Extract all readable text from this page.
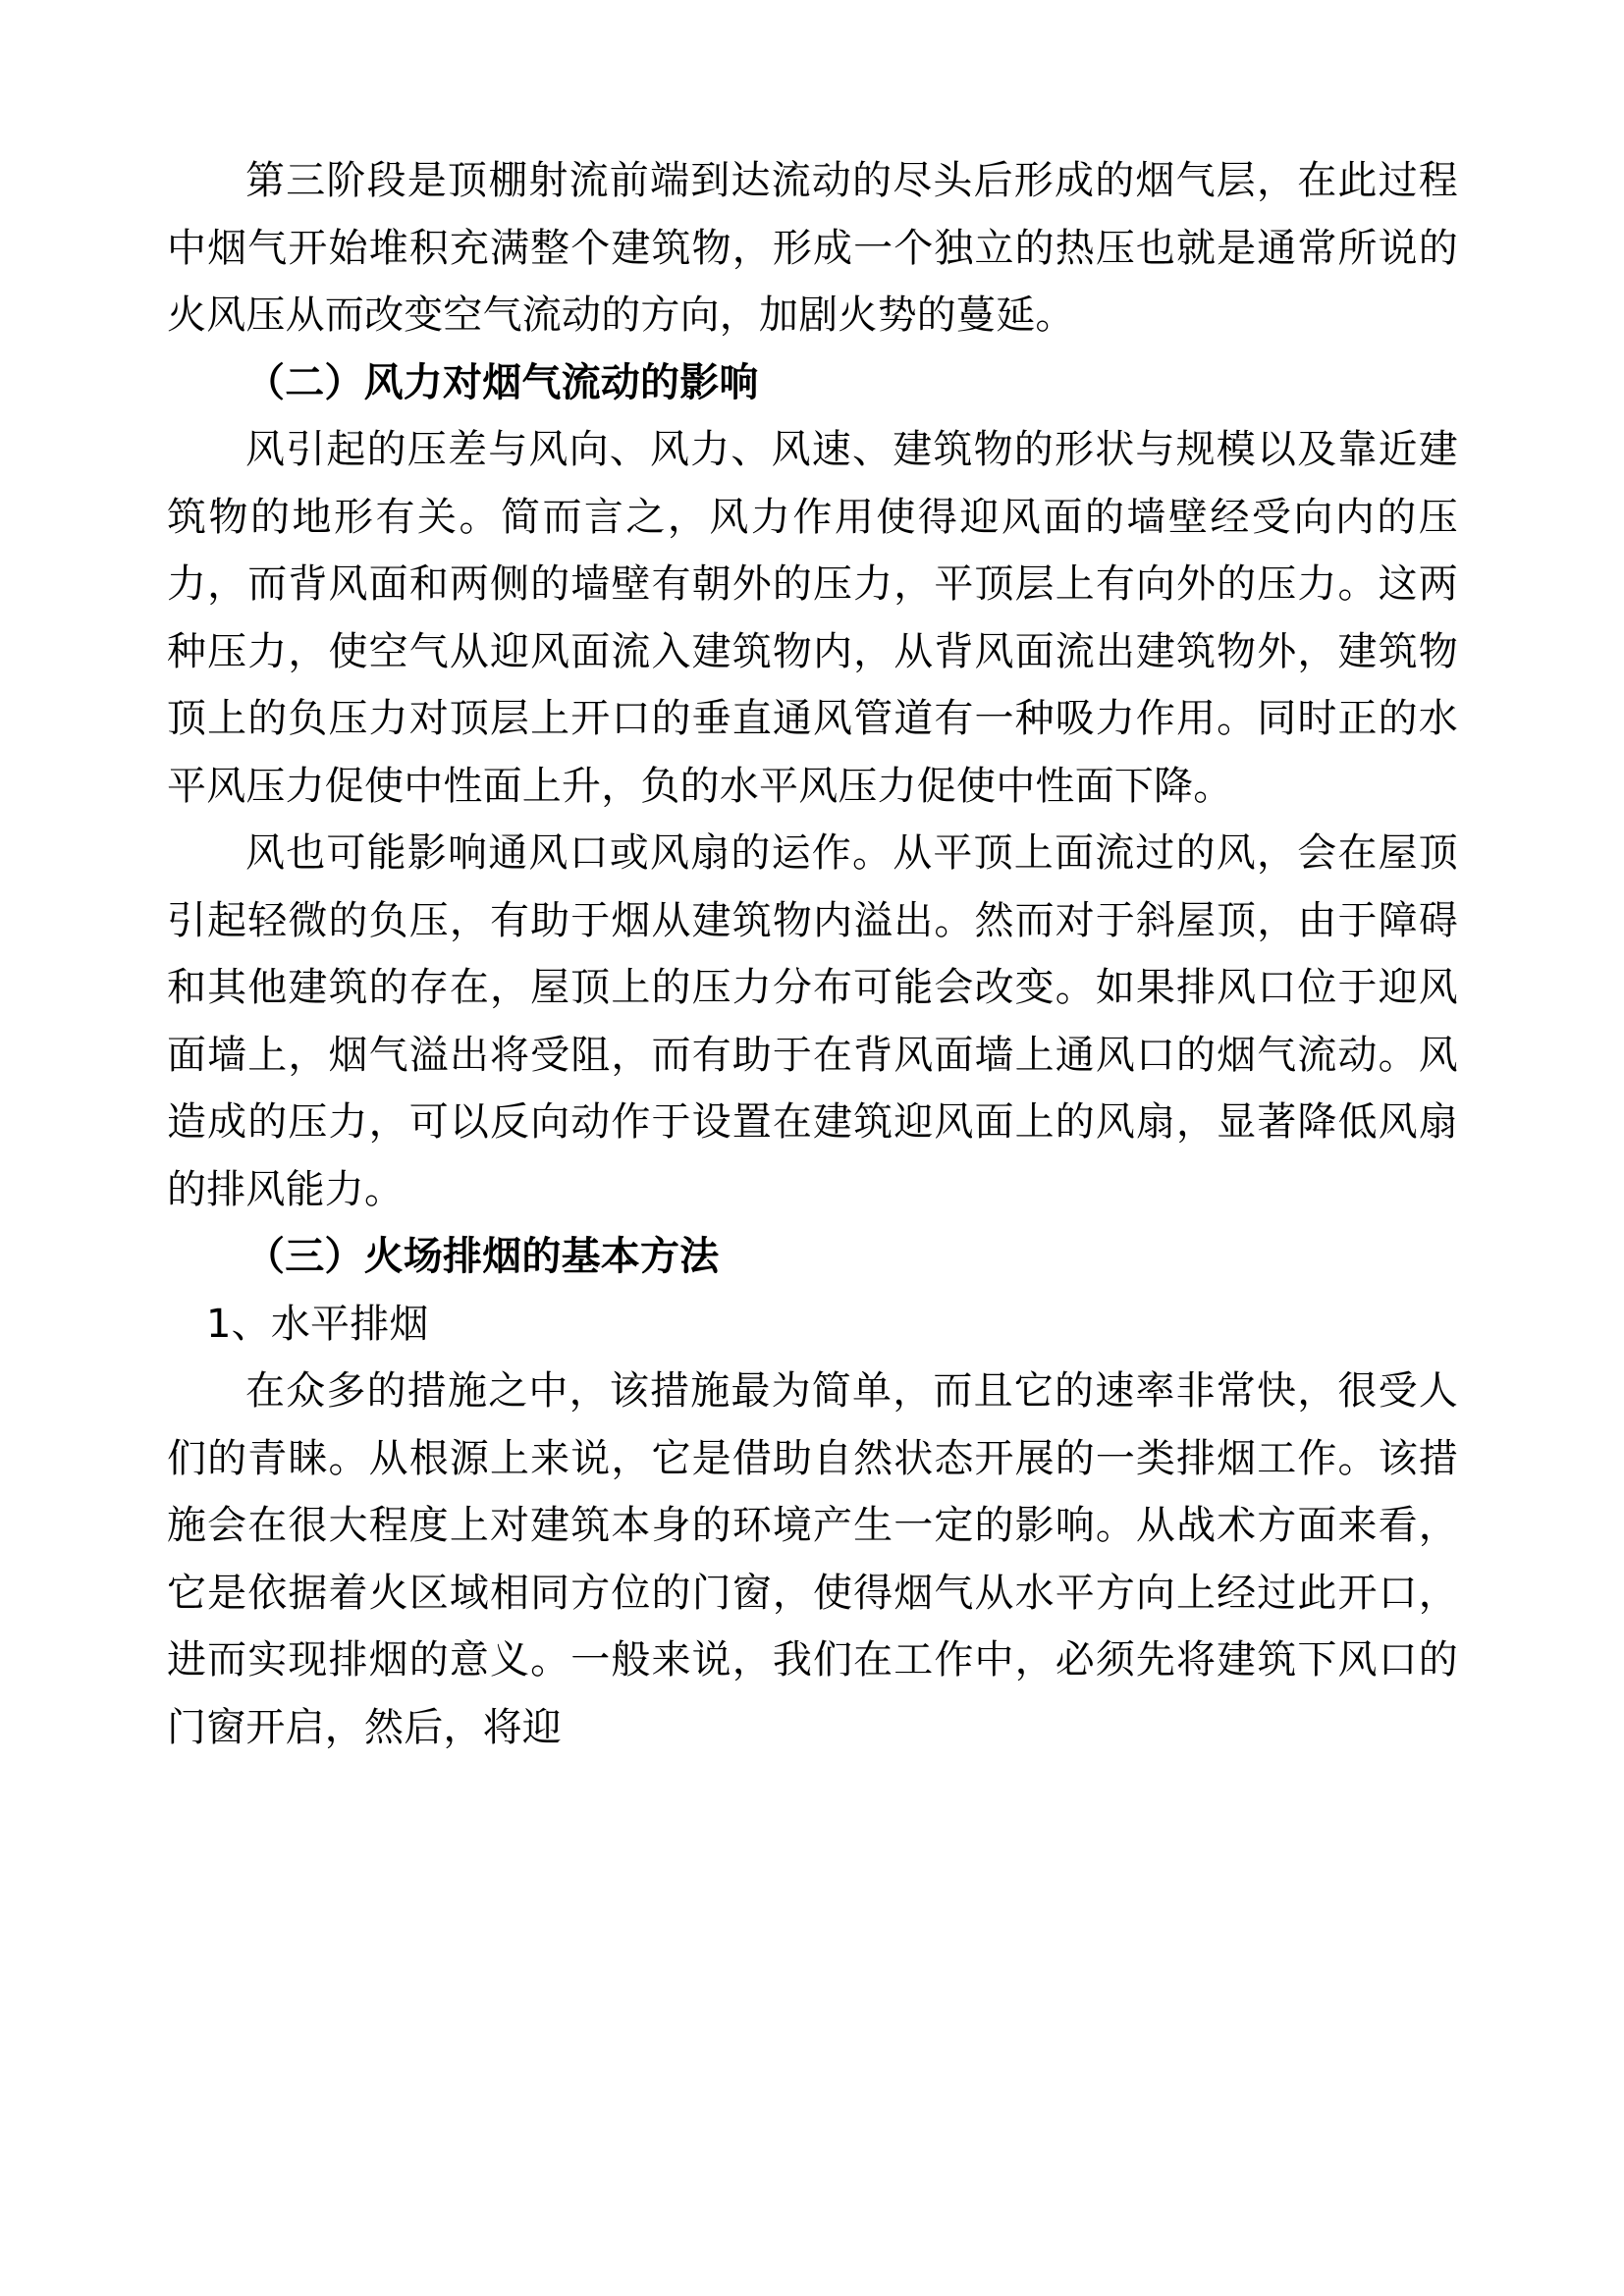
第三阶段是顶棚射流前端到达流动的尽头后形成的烟气层，在此过程中烟气开始堆积充满整个建筑物，形成一个独立的热压也就是通常所说的火风压从而改变空气流动的方向，加剧火势的蔓延。

（二）风力对烟气流动的影响

风引起的压差与风向、风力、风速、建筑物的形状与规模以及靠近建筑物的地形有关。简而言之，风力作用使得迎风面的墙壁经受向内的压力，而背风面和两侧的墙壁有朝外的压力，平顶层上有向外的压力。这两种压力，使空气从迎风面流入建筑物内，从背风面流出建筑物外，建筑物顶上的负压力对顶层上开口的垂直通风管道有一种吸力作用。同时正的水平风压力促使中性面上升，负的水平风压力促使中性面下降。

风也可能影响通风口或风扇的运作。从平顶上面流过的风，会在屋顶引起轻微的负压，有助于烟从建筑物内溢出。然而对于斜屋顶，由于障碍和其他建筑的存在，屋顶上的压力分布可能会改变。如果排风口位于迎风面墙上，烟气溢出将受阻，而有助于在背风面墙上通风口的烟气流动。风造成的压力，可以反向动作于设置在建筑迎风面上的风扇，显著降低风扇的排风能力。

（三）火场排烟的基本方法

1、水平排烟

在众多的措施之中，该措施最为简单，而且它的速率非常快，很受人们的青睐。从根源上来说，它是借助自然状态开展的一类排烟工作。该措施会在很大程度上对建筑本身的环境产生一定的影响。从战术方面来看，它是依据着火区域相同方位的门窗，使得烟气从水平方向上经过此开口，进而实现排烟的意义。一般来说，我们在工作中，必须先将建筑下风口的门窗开启，然后，将迎
